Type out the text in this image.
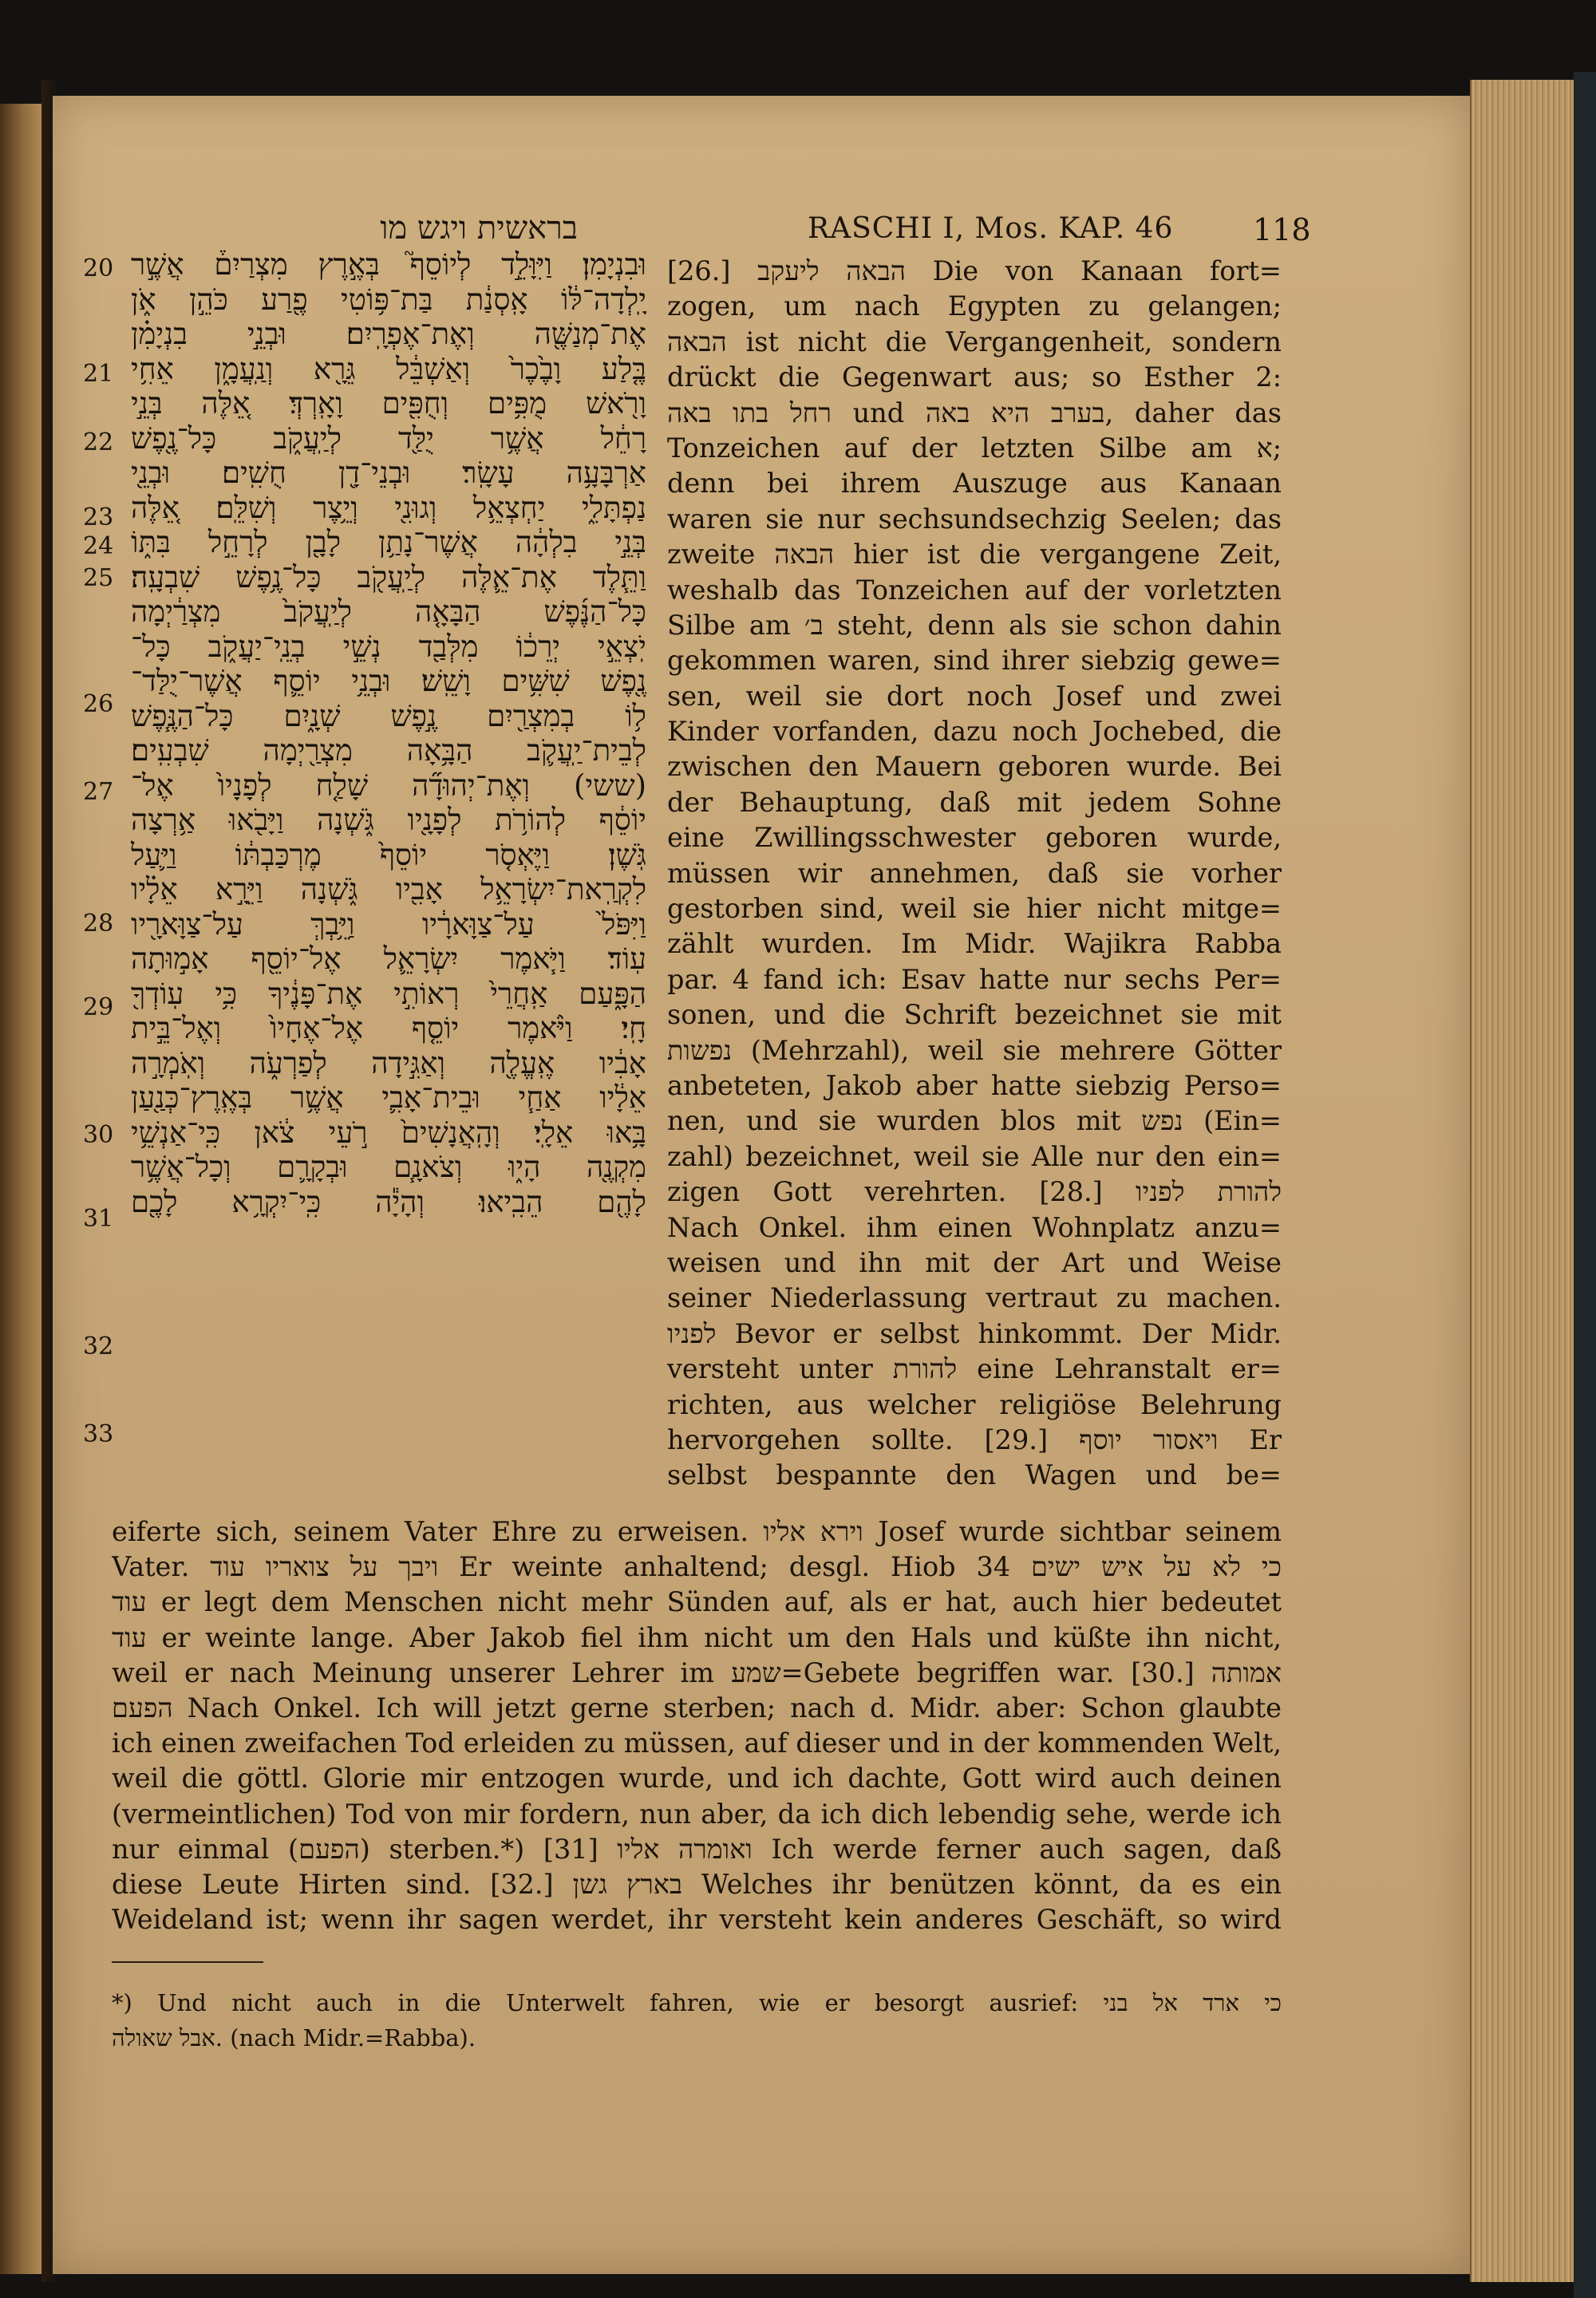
בראשית ויגש מו	RASCHI I, Mos. KAP. 46	118
20
21
22
23
24
25
26
27
28
29
30
31
32
33
וּבִנְיָמִן׃ וַיִּוָּלֵ֣ד לְיוֹסֵף֮ בְּאֶ֣רֶץ מִצְרַיִם֒ אֲשֶׁ֣ר
יָֽלְדָה־לּ֔וֹ אָֽסְנַ֔ת בַּת־פּ֥וֹטִי פֶ֖רַע כֹּהֵ֣ן אֹ֑ן
אֶת־מְנַשֶּׁ֖ה וְאֶת־אֶפְרָֽיִם׃ וּבְנֵ֣י בִנְיָמִ֗ן
בֶּ֤לַע וָבֶ֙כֶר֙ וְאַשְׁבֵּ֔ל גֵּרָ֖א וְנַֽעֲמָ֑ן אֵחִ֥י
וָרֹ֖אשׁ מֻפִּ֥ים וְחֻפִּ֖ים וָאָֽרְדְּ׃ אֵ֚לֶּה בְּנֵ֣י
רָחֵ֔ל אֲשֶׁ֥ר יֻלַּ֖ד לְיַֽעֲקֹ֑ב כָּל־נֶ֖פֶשׁ
אַרְבָּעָ֥ה עָשָֽׂר׃ וּבְנֵי־דָ֖ן חֻשִֽׁים׃ וּבְנֵ֖י
נַפְתָּלִ֑י יַחְצְאֵ֥ל וְגוּנִ֖י וְיֵ֥צֶר וְשִׁלֵּֽם׃ אֵ֚לֶּה
בְּנֵ֣י בִלְהָ֔ה אֲשֶׁר־נָתַ֥ן לָבָ֖ן לְרָחֵ֣ל בִּתּ֑וֹ
וַתֵּ֧לֶד אֶת־אֵ֛לֶּה לְיַֽעֲקֹ֖ב כָּל־נֶ֥פֶשׁ שִׁבְעָֽה׃
כָּל־הַנֶּ֜פֶשׁ הַבָּאָ֤ה לְיַֽעֲקֹב֙ מִצְרַ֔יְמָה
יֹֽצְאֵ֣י יְרֵכ֔וֹ מִלְּבַ֖ד נְשֵׁ֣י בְנֵֽי־יַעֲקֹ֑ב כָּל־
נֶ֖פֶשׁ שִׁשִּׁ֥ים וָשֵֽׁשׁ׃ וּבְנֵ֥י יוֹסֵ֛ף אֲשֶׁר־יֻלַּד־
ל֥וֹ בְמִצְרַ֖יִם נֶ֣פֶשׁ שְׁנָ֑יִם כָּל־הַנֶּ֧פֶשׁ
לְבֵית־יַֽעֲקֹ֛ב הַבָּ֥אָה מִצְרַ֖יְמָה שִׁבְעִֽים׃
(ששי) וְאֶת־יְהוּדָ֞ה שָׁלַ֤ח לְפָנָיו֙ אֶל־
יוֹסֵ֔ף לְהוֹרֹ֥ת לְפָנָ֖יו גֹּ֑שְׁנָה וַיָּבֹ֖אוּ אַ֥רְצָה
גֹּֽשֶׁן׃ וַיֶּאְסֹ֤ר יוֹסֵף֙ מֶרְכַּבְתּ֔וֹ וַיַּ֛עַל
לִקְרַֽאת־יִשְׂרָאֵ֥ל אָבִ֖יו גֹּ֑שְׁנָה וַיֵּרָ֣א אֵלָ֗יו
וַיִּפֹּל֙ עַל־צַוָּארָ֔יו וַיֵּ֥בְךְּ עַל־צַוָּארָ֖יו
עֽוֹד׃ וַיֹּ֧אמֶר יִשְׂרָאֵ֛ל אֶל־יוֹסֵ֖ף אָמ֣וּתָה
הַפָּ֑עַם אַֽחֲרֵי֙ רְאוֹתִ֣י אֶת־פָּנֶ֔יךָ כִּ֥י עֽוֹדְךָ֖
חָֽי׃ וַיֹּ֨אמֶר יוֹסֵ֤ף אֶל־אֶחָיו֙ וְאֶל־בֵּ֣ית
אָבִ֔יו אֶֽעֱלֶ֖ה וְאַגִּ֣ידָה לְפַרְעֹ֑ה וְאֹֽמְרָ֣ה
אֵלָ֔יו אַחַ֧י וּבֵית־אָבִ֛י אֲשֶׁ֥ר בְּאֶֽרֶץ־כְּנַ֖עַן
בָּ֥אוּ אֵלָֽי׃ וְהָֽאֲנָשִׁים֙ רֹ֣עֵי צֹ֔אן כִּֽי־אַנְשֵׁ֥י
מִקְנֶ֖ה הָי֑וּ וְצֹאנָ֧ם וּבְקָרָ֛ם וְכָל־אֲשֶׁ֥ר
לָהֶ֖ם הֵבִֽיאוּ׃ וְהָיָ֕ה כִּֽי־יִקְרָ֥א לָכֶ֖ם
[26.] הבאה ליעקב Die von Kanaan fort=
zogen, um nach Egypten zu gelangen;
הבאה ist nicht die Vergangenheit, sondern
drückt die Gegenwart aus; so Esther 2:
רחל בתו באה und בערב היא באה, daher das
Tonzeichen auf der letzten Silbe am א;
denn bei ihrem Auszuge aus Kanaan
waren sie nur sechsundsechzig Seelen; das
zweite הבאה hier ist die vergangene Zeit,
weshalb das Tonzeichen auf der vorletzten
Silbe am ב׳ steht, denn als sie schon dahin
gekommen waren, sind ihrer siebzig gewe=
sen, weil sie dort noch Josef und zwei
Kinder vorfanden, dazu noch Jochebed, die
zwischen den Mauern geboren wurde. Bei
der Behauptung, daß mit jedem Sohne
eine Zwillingsschwester geboren wurde,
müssen wir annehmen, daß sie vorher
gestorben sind, weil sie hier nicht mitge=
zählt wurden. Im Midr. Wajikra Rabba
par. 4 fand ich: Esav hatte nur sechs Per=
sonen, und die Schrift bezeichnet sie mit
נפשות (Mehrzahl), weil sie mehrere Götter
anbeteten, Jakob aber hatte siebzig Perso=
nen, und sie wurden blos mit נפש (Ein=
zahl) bezeichnet, weil sie Alle nur den ein=
zigen Gott verehrten. [28.] להורת לפניו
Nach Onkel. ihm einen Wohnplatz anzu=
weisen und ihn mit der Art und Weise
seiner Niederlassung vertraut zu machen.
לפניו Bevor er selbst hinkommt. Der Midr.
versteht unter להורת eine Lehranstalt er=
richten, aus welcher religiöse Belehrung
hervorgehen sollte. [29.] ויאסור יוסף Er
selbst bespannte den Wagen und be=
eiferte sich, seinem Vater Ehre zu erweisen. וירא אליו Josef wurde sichtbar seinem
Vater. ויבך על צואריו עוד Er weinte anhaltend; desgl. Hiob 34 כי לא על איש ישים
עוד er legt dem Menschen nicht mehr Sünden auf, als er hat, auch hier bedeutet
עוד er weinte lange. Aber Jakob fiel ihm nicht um den Hals und küßte ihn nicht,
weil er nach Meinung unserer Lehrer im שמע=Gebete begriffen war. [30.] אמותה
הפעם Nach Onkel. Ich will jetzt gerne sterben; nach d. Midr. aber: Schon glaubte
ich einen zweifachen Tod erleiden zu müssen, auf dieser und in der kommenden Welt,
weil die göttl. Glorie mir entzogen wurde, und ich dachte, Gott wird auch deinen
(vermeintlichen) Tod von mir fordern, nun aber, da ich dich lebendig sehe, werde ich
nur einmal (הפעם) sterben.*) [31] ואומרה אליו Ich werde ferner auch sagen, daß
diese Leute Hirten sind. [32.] בארץ גשן Welches ihr benützen könnt, da es ein
Weideland ist; wenn ihr sagen werdet, ihr versteht kein anderes Geschäft, so wird
*) Und nicht auch in die Unterwelt fahren, wie er besorgt ausrief: כי ארד אל בני
אבל שאולה. (nach Midr.=Rabba).
